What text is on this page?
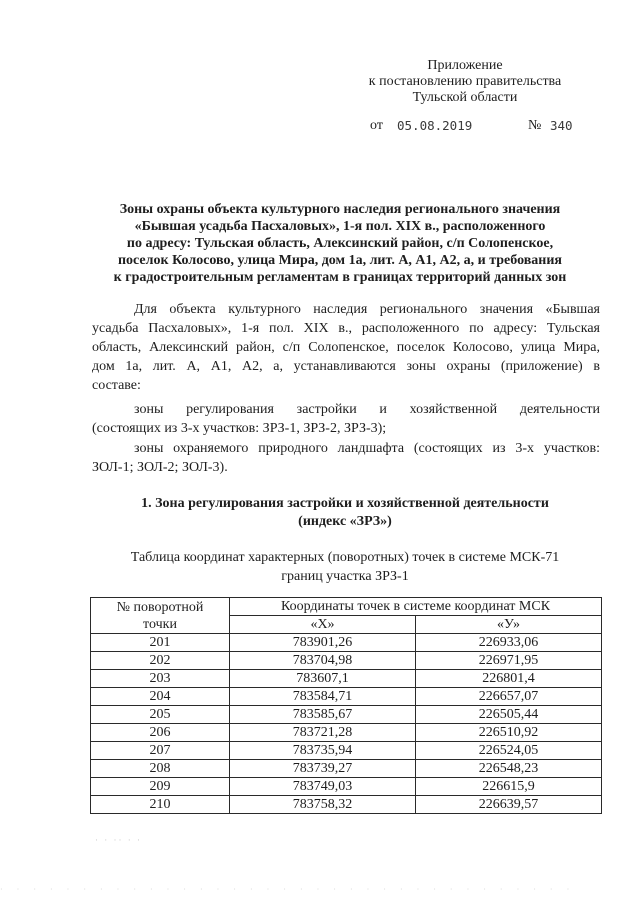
Приложение
к постановлению правительства
Тульской области
от 05.08.2019	№ 340
Зоны охраны объекта культурного наследия регионального значения
«Бывшая усадьба Пасхаловых», 1-я пол. XIX в., расположенного
по адресу: Тульская область, Алексинский район, с/п Солопенское,
поселок Колосово, улица Мира, дом 1а, лит. А, А1, А2, а, и требования
к градостроительным регламентам в границах территорий данных зон
Для объекта культурного наследия регионального значения «Бывшая
усадьба Пасхаловых», 1-я пол. XIX в., расположенного по адресу: Тульская
область, Алексинский район, с/п Солопенское, поселок Колосово, улица Мира,
дом 1а, лит. А, А1, А2, а, устанавливаются зоны охраны (приложение) в
составе:
зоны регулирования застройки и хозяйственной деятельности
(состоящих из 3-х участков: ЗРЗ-1, ЗРЗ-2, ЗРЗ-3);
зоны охраняемого природного ландшафта (состоящих из 3-х участков:
ЗОЛ-1; ЗОЛ-2; ЗОЛ-3).
1. Зона регулирования застройки и хозяйственной деятельности
(индекс «ЗРЗ»)
Таблица координат характерных (поворотных) точек в системе МСК-71
границ участка ЗРЗ-1
№ поворотной
точки	Координаты точек в системе координат МСК	
	«Х»	«У»
201	783901,26	226933,06
202	783704,98	226971,95
203	783607,1	226801,4
204	783584,71	226657,07
205	783585,67	226505,44
206	783721,28	226510,92
207	783735,94	226524,05
208	783739,27	226548,23
209	783749,03	226615,9
210	783758,32	226639,57
· · ·· · ·
· · · · · · · · · · · · · · · · · · · · · · · · · · · · · · · · · · ·
